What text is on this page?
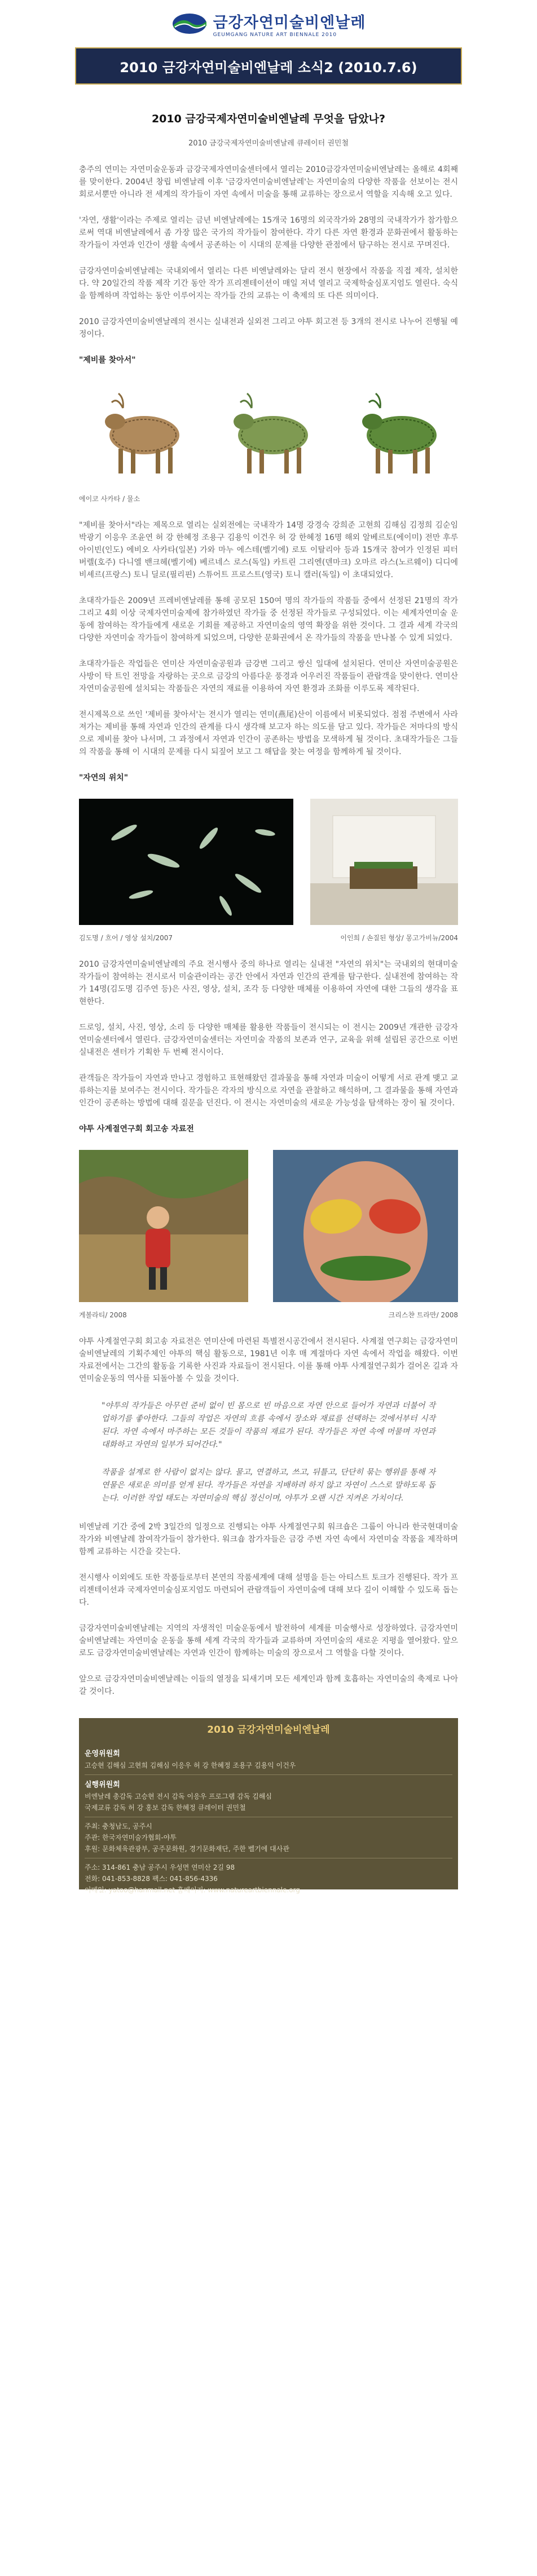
금강자연미술비엔날레
GEUMGANG NATURE ART BIENNALE 2010
2010 금강자연미술비엔날레 소식2 (2010.7.6)
2010 금강국제자연미술비엔날레 무엇을 담았나?
2010 금강국제자연미술비엔날레 큐레이터 권민철

충주의 연미는 자연미술운동과 금강국제자연미술센터에서 열리는 2010금강자연미술비엔날레는 올해로 4회째를 맞이한다. 2004년 창립 비엔날레 이후 '금강자연미술비엔날레'는 자연미술의 다양한 작품을 선보이는 전시회로서뿐만 아니라 전 세계의 작가들이 자연 속에서 미술을 통해 교류하는 장으로서 역할을 지속해 오고 있다.

'자연, 생활'이라는 주제로 열리는 금년 비엔날레에는 15개국 16명의 외국작가와 28명의 국내작가가 참가함으로써 역대 비엔날레에서 좀 가장 많은 국가의 작가들이 참여한다. 각기 다른 자연 환경과 문화권에서 활동하는 작가들이 자연과 인간이 생활 속에서 공존하는 이 시대의 문제를 다양한 관점에서 탐구하는 전시로 꾸며진다.

금강자연미술비엔날레는 국내외에서 열리는 다른 비엔날레와는 달리 전시 현장에서 작품을 직접 제작, 설치한다. 약 20일간의 작품 제작 기간 동안 작가 프리젠테이션이 매일 저녁 열리고 국제학술심포지엄도 열린다. 숙식을 함께하며 작업하는 동안 이루어지는 작가들 간의 교류는 이 축제의 또 다른 의미이다.

2010 금강자연미술비엔날레의 전시는 실내전과 실외전 그리고 야투 회고전 등 3개의 전시로 나누어 진행될 예정이다.

"제비를 찾아서"
에이코 사카타 / 물소

"제비를 찾아서"라는 제목으로 열리는 실외전에는 국내작가 14명 강경숙 강희준 고현희 김해심 김정희 김순임 박광기 이응우 조윤연 허 강 한혜정 조용구 김용익 이건우 허 강 한혜정 16명 해외 알베르토(에이미) 전만 후루아이빈(인도) 에비오 사카타(일본) 가와 마누 에스테(벨기에) 로토 이탈리아 등과 15개국 참여가 인정된 피터 버렐(호주) 다니엘 밴크헤(벨기에) 베르네스 로스(독일) 카트린 그리엔(덴마크) 오마르 라스(노르웨이) 디디에 비셰르(프랑스) 토니 딜로(필리핀) 스튜어트 프로스트(영국) 토니 캘러(독일) 이 초대되었다.

초대작가들은 2009년 프레비엔날레를 통해 공모된 150여 명의 작가들의 작품들 중에서 선정된 21명의 작가 그리고 4회 이상 국제자연미술제에 참가하였던 작가들 중 선정된 작가들로 구성되었다. 이는 세계자연미술 운동에 참여하는 작가들에게 새로운 기회를 제공하고 자연미술의 영역 확장을 위한 것이다. 그 결과 세계 각국의 다양한 자연미술 작가들이 참여하게 되었으며, 다양한 문화권에서 온 작가들의 작품을 만나볼 수 있게 되었다.

초대작가들은 작업들은 연미산 자연미술공원과 금강변 그리고 쌍신 일대에 설치된다. 연미산 자연미술공원은 사방이 탁 트인 전망을 자랑하는 곳으로 금강의 아름다운 풍경과 어우러진 작품들이 관람객을 맞이한다. 연미산 자연미술공원에 설치되는 작품들은 자연의 재료를 이용하여 자연 환경과 조화를 이루도록 제작된다.

전시제목으로 쓰인 '제비를 찾아서'는 전시가 열리는 연미(燕尾)산이 이름에서 비롯되었다. 점점 주변에서 사라져가는 제비를 통해 자연과 인간의 관계를 다시 생각해 보고자 하는 의도를 담고 있다. 작가들은 저마다의 방식으로 제비를 찾아 나서며, 그 과정에서 자연과 인간이 공존하는 방법을 모색하게 될 것이다. 초대작가들은 그들의 작품을 통해 이 시대의 문제를 다시 되짚어 보고 그 해답을 찾는 여정을 함께하게 될 것이다.

"자연의 위치"
김도명 / 흐어 / 영상 설치/2007	이인희 / 손질된 형상/ 몽고가비뉴/2004

2010 금강자연미술비엔날레의 주요 전시행사 중의 하나로 열리는 실내전 "자연의 위치"는 국내외의 현대미술작가들이 참여하는 전시로서 미술관이라는 공간 안에서 자연과 인간의 관계를 탐구한다. 실내전에 참여하는 작가 14명(김도명 김주연 등)은 사진, 영상, 설치, 조각 등 다양한 매체를 이용하여 자연에 대한 그들의 생각을 표현한다.

드로잉, 설치, 사진, 영상, 소리 등 다양한 매체를 활용한 작품들이 전시되는 이 전시는 2009년 개관한 금강자연미술센터에서 열린다. 금강자연미술센터는 자연미술 작품의 보존과 연구, 교육을 위해 설립된 공간으로 이번 실내전은 센터가 기획한 두 번째 전시이다.

관객들은 작가들이 자연과 만나고 경험하고 표현해왔던 결과물을 통해 자연과 미술이 어떻게 서로 관계 맺고 교류하는지를 보여주는 전시이다. 작가들은 각자의 방식으로 자연을 관찰하고 해석하며, 그 결과물을 통해 자연과 인간이 공존하는 방법에 대해 질문을 던진다. 이 전시는 자연미술의 새로운 가능성을 탐색하는 장이 될 것이다.

야투 사계절연구회 회고송 자료전
게볼라티/ 2008	크리스챤 트라만/ 2008

야투 사계절연구회 회고송 자료전은 연미산에 마련된 특별전시공간에서 전시된다. 사계절 연구회는 금강자연미술비엔날레의 기획주체인 야투의 핵심 활동으로, 1981년 이후 매 계절마다 자연 속에서 작업을 해왔다. 이번 자료전에서는 그간의 활동을 기록한 사진과 자료들이 전시된다. 이를 통해 야투 사계절연구회가 걸어온 길과 자연미술운동의 역사를 되돌아볼 수 있을 것이다.

"야투의 작가들은 아무런 준비 없이 빈 몸으로 빈 마음으로 자연 안으로 들어가 자연과 더불어 작업하기를 좋아한다. 그들의 작업은 자연의 흐름 속에서 장소와 재료를 선택하는 것에서부터 시작된다. 자연 속에서 마주하는 모든 것들이 작품의 재료가 된다. 작가들은 자연 속에 머물며 자연과 대화하고 자연의 일부가 되어간다."

작품을 설계로 한 사람이 없지는 않다. 물고, 연결하고, 쓰고, 뒤틀고, 단단히 묶는 행위를 통해 자연물은 새로운 의미를 얻게 된다. 작가들은 자연을 지배하려 하지 않고 자연이 스스로 말하도록 돕는다. 이러한 작업 태도는 자연미술의 핵심 정신이며, 야투가 오랜 시간 지켜온 가치이다.

비엔날레 기간 중에 2박 3일간의 일정으로 진행되는 야투 사계절연구회 워크숍은 그룹이 아니라 한국현대미술작가와 비엔날레 참여작가들이 참가한다. 워크숍 참가자들은 금강 주변 자연 속에서 자연미술 작품을 제작하며 함께 교류하는 시간을 갖는다.

전시행사 이외에도 또한 작품들로부터 본연의 작품세계에 대해 설명을 듣는 아티스트 토크가 진행된다. 작가 프리젠테이션과 국제자연미술심포지엄도 마련되어 관람객들이 자연미술에 대해 보다 깊이 이해할 수 있도록 돕는다.

금강자연미술비엔날레는 지역의 자생적인 미술운동에서 발전하여 세계를 미술행사로 성장하였다. 금강자연미술비엔날레는 자연미술 운동을 통해 세계 각국의 작가들과 교류하며 자연미술의 새로운 지평을 열어왔다. 앞으로도 금강자연미술비엔날레는 자연과 인간이 함께하는 미술의 장으로서 그 역할을 다할 것이다.

앞으로 금강자연미술비엔날레는 이들의 열정을 되새기며 모든 세계인과 함께 호흡하는 자연미술의 축제로 나아갈 것이다.

2010 금강자연미술비엔날레
운영위원회
고승현 김해심 고현희 김해심 이응우 허 강 한혜정 조용구 김용익 이건우
실행위원회
비엔날레 총감독 고승현 전시 감독 이응우 프로그램 감독 김해심
국제교류 감독 허 강 홍보 감독 한혜정 큐레이터 권민철
주최: 충청남도, 공주시
주관: 한국자연미술가협회-야투
후원: 문화체육관광부, 공주문화원, 경기문화재단, 주한 벨기에 대사관
주소: 314-861 충남 공주시 우성면 연미산 2길 98
전화: 041-853-8828 팩스: 041-856-4336
이메일: yatoo@hanmail.net 홈페이지: www.natureartbiennale.org
